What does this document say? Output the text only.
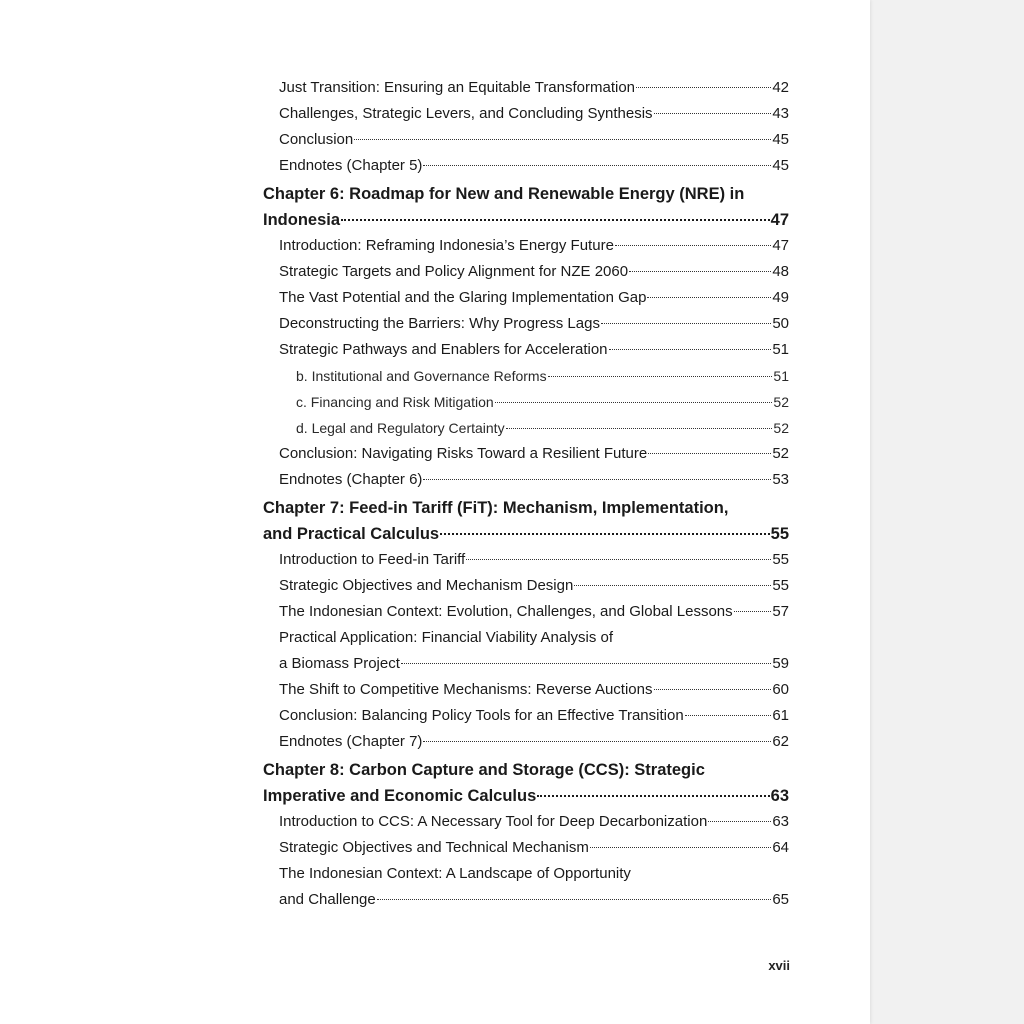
Just Transition: Ensuring an Equitable Transformation	42
Challenges, Strategic Levers, and Concluding Synthesis	43
Conclusion	45
Endnotes (Chapter 5)	45
Chapter 6: Roadmap for New and Renewable Energy (NRE) in
Indonesia	47
Introduction: Reframing Indonesia’s Energy Future	47
Strategic Targets and Policy Alignment for NZE 2060	48
The Vast Potential and the Glaring Implementation Gap	49
Deconstructing the Barriers: Why Progress Lags	50
Strategic Pathways and Enablers for Acceleration	51
b. Institutional and Governance Reforms	51
c. Financing and Risk Mitigation	52
d. Legal and Regulatory Certainty	52
Conclusion: Navigating Risks Toward a Resilient Future	52
Endnotes (Chapter 6)	53
Chapter 7: Feed-in Tariff (FiT): Mechanism, Implementation,
and Practical Calculus	55
Introduction to Feed-in Tariff	55
Strategic Objectives and Mechanism Design	55
The Indonesian Context: Evolution, Challenges, and Global Lessons	57
Practical Application: Financial Viability Analysis of
a Biomass Project	59
The Shift to Competitive Mechanisms: Reverse Auctions	60
Conclusion: Balancing Policy Tools for an Effective Transition	61
Endnotes (Chapter 7)	62
Chapter 8: Carbon Capture and Storage (CCS): Strategic
Imperative and Economic Calculus	63
Introduction to CCS: A Necessary Tool for Deep Decarbonization	63
Strategic Objectives and Technical Mechanism	64
The Indonesian Context: A Landscape of Opportunity
and Challenge	65
xvii
